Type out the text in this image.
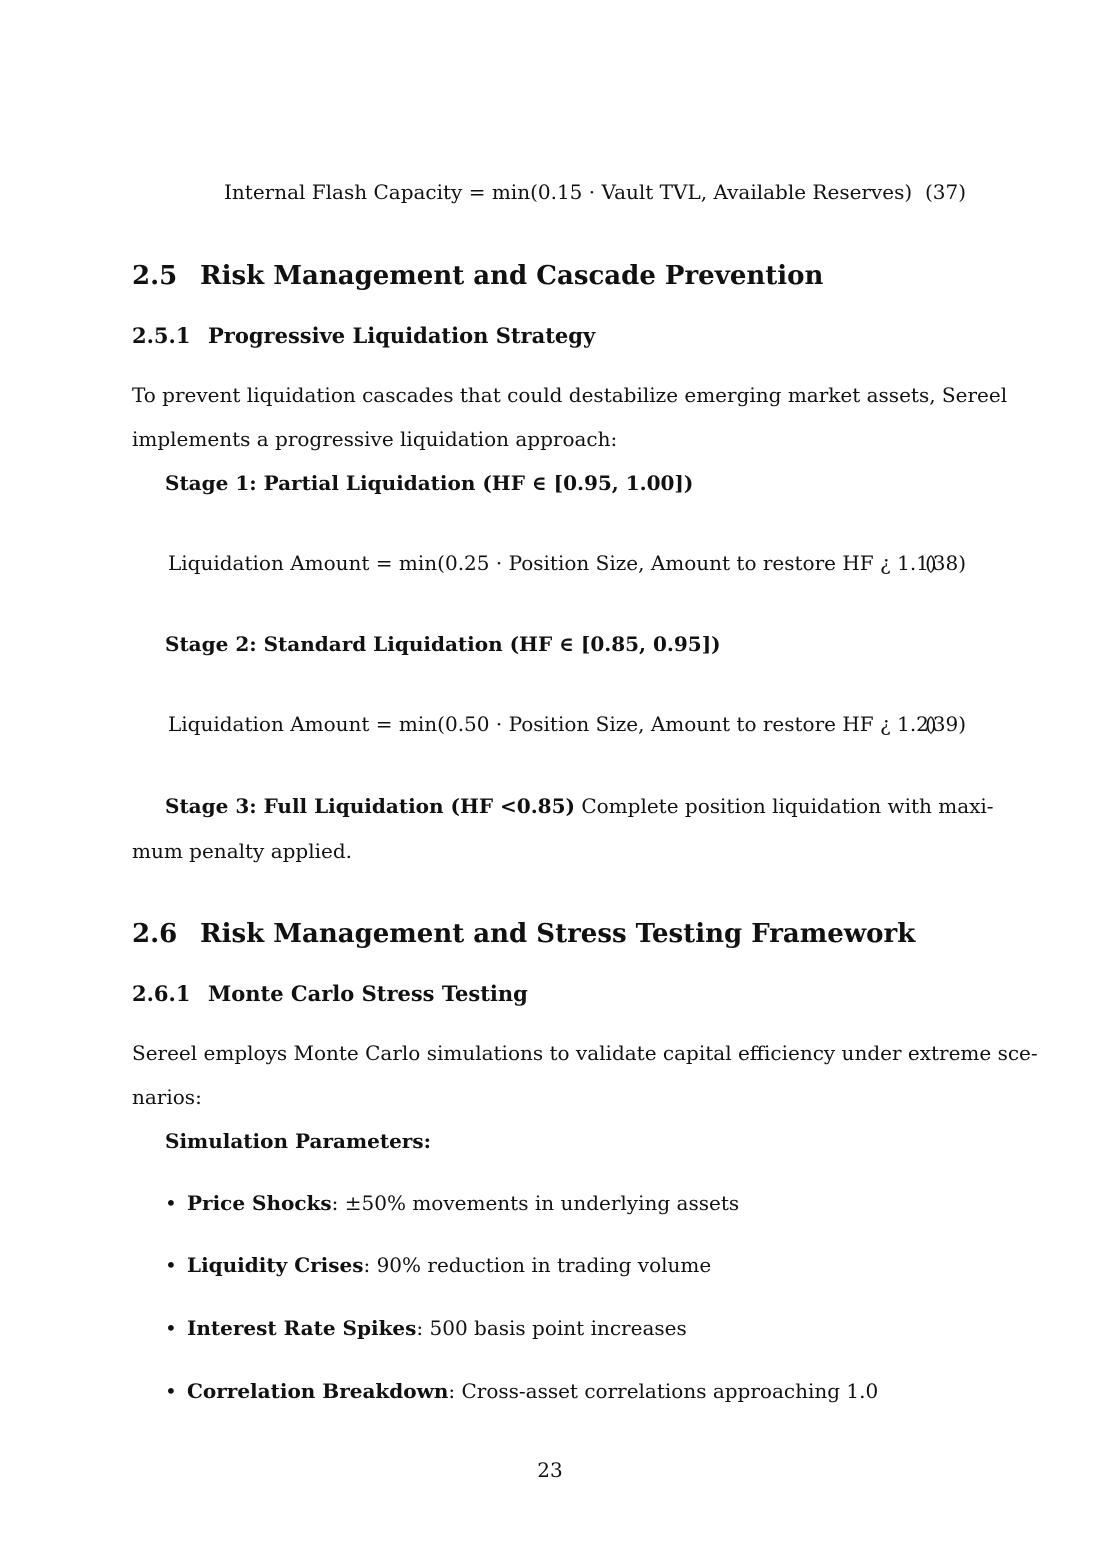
Internal Flash Capacity = min(0.15 · Vault TVL, Available Reserves) (37)
2.5 Risk Management and Cascade Prevention
2.5.1 Progressive Liquidation Strategy
To prevent liquidation cascades that could destabilize emerging market assets, Sereel
implements a progressive liquidation approach:
Stage 1: Partial Liquidation (HF ∈ [0.95, 1.00])
Liquidation Amount = min(0.25 · Position Size, Amount to restore HF ¿ 1.1)
(38)
Stage 2: Standard Liquidation (HF ∈ [0.85, 0.95])
Liquidation Amount = min(0.50 · Position Size, Amount to restore HF ¿ 1.2)
(39)
Stage 3: Full Liquidation (HF <0.85) Complete position liquidation with maxi-
mum penalty applied.
2.6 Risk Management and Stress Testing Framework
2.6.1 Monte Carlo Stress Testing
Sereel employs Monte Carlo simulations to validate capital efficiency under extreme sce-
narios:
Simulation Parameters:
• Price Shocks: ±50% movements in underlying assets
• Liquidity Crises: 90% reduction in trading volume
• Interest Rate Spikes: 500 basis point increases
• Correlation Breakdown: Cross-asset correlations approaching 1.0
23
